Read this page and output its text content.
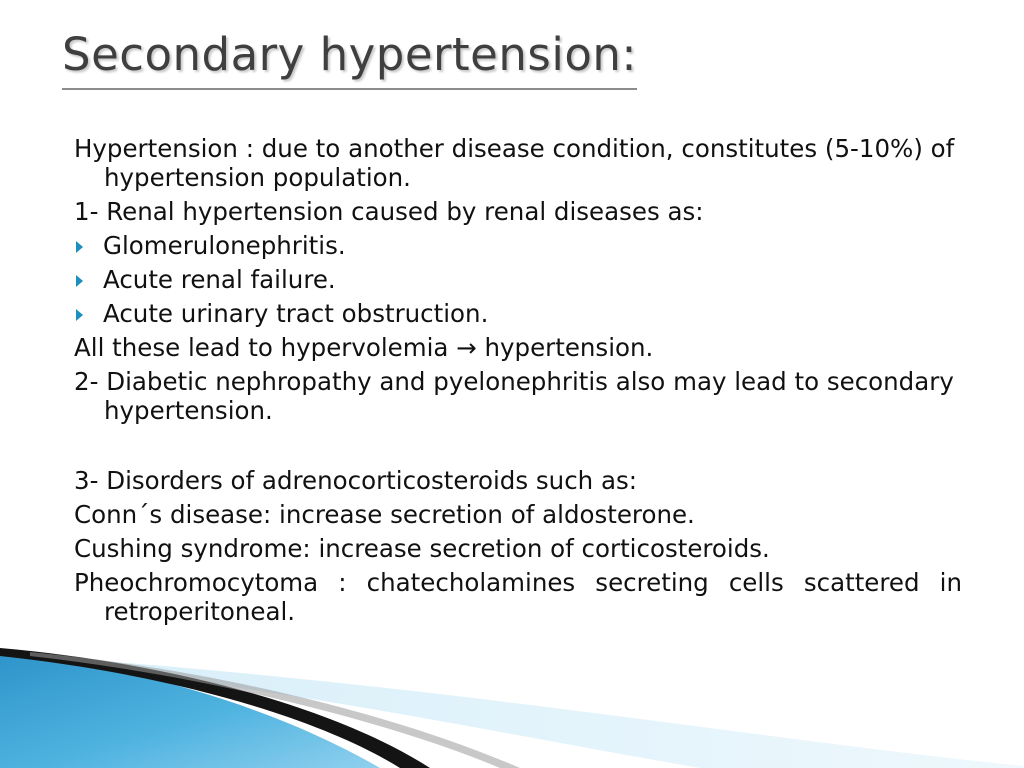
Secondary hypertension:

Hypertension : due to another disease condition, constitutes (5-10%) of hypertension population.

1- Renal hypertension caused by renal diseases as:

Glomerulonephritis.
Acute renal failure.
Acute urinary tract obstruction.

All these lead to hypervolemia → hypertension.

2- Diabetic nephropathy and pyelonephritis also may lead to secondary hypertension.

3- Disorders of adrenocorticosteroids such as:

Conn´s disease: increase secretion of aldosterone.

Cushing syndrome: increase secretion of corticosteroids.

Pheochromocytoma : chatecholamines secreting cells scattered in retroperitoneal.
